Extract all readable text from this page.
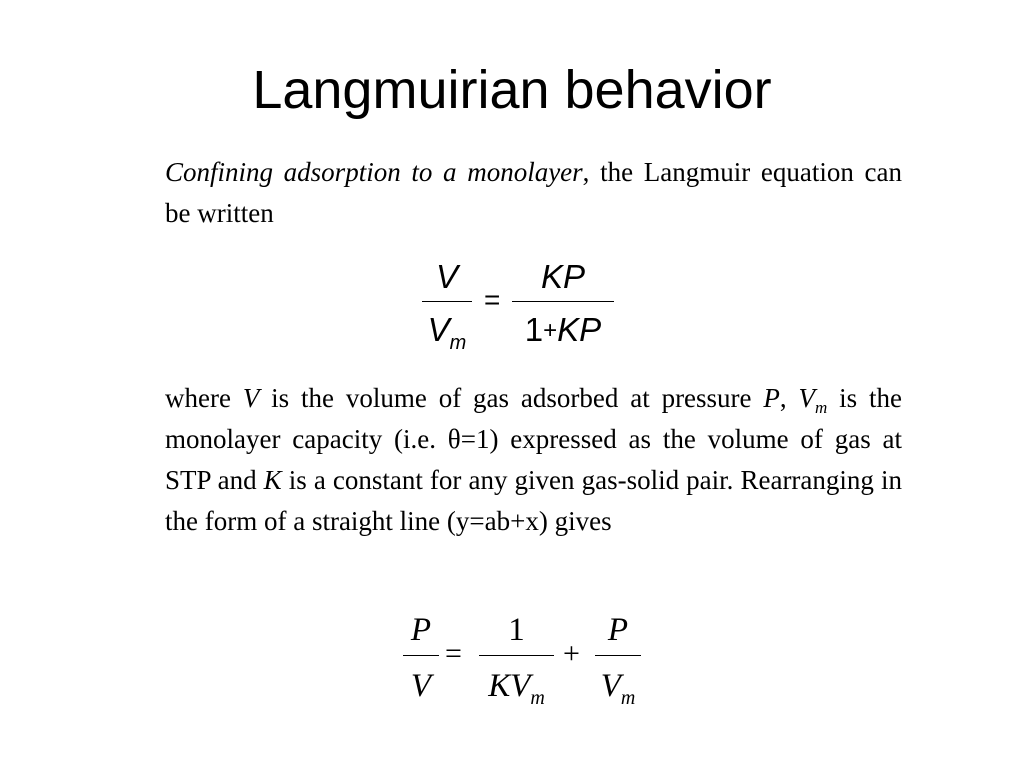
Langmuirian behavior
Confining adsorption to a monolayer, the Langmuir equation can be written
V
$V_m$
=
KP
1+KP
where V is the volume of gas adsorbed at pressure P, $V_m$ is the monolayer capacity (i.e. θ=1) expressed as the volume of gas at STP and K is a constant for any given gas-solid pair. Rearranging in the form of a straight line (y=ab+x) gives
P
V
=
1
$KV_m$
+
P
$V_m$
